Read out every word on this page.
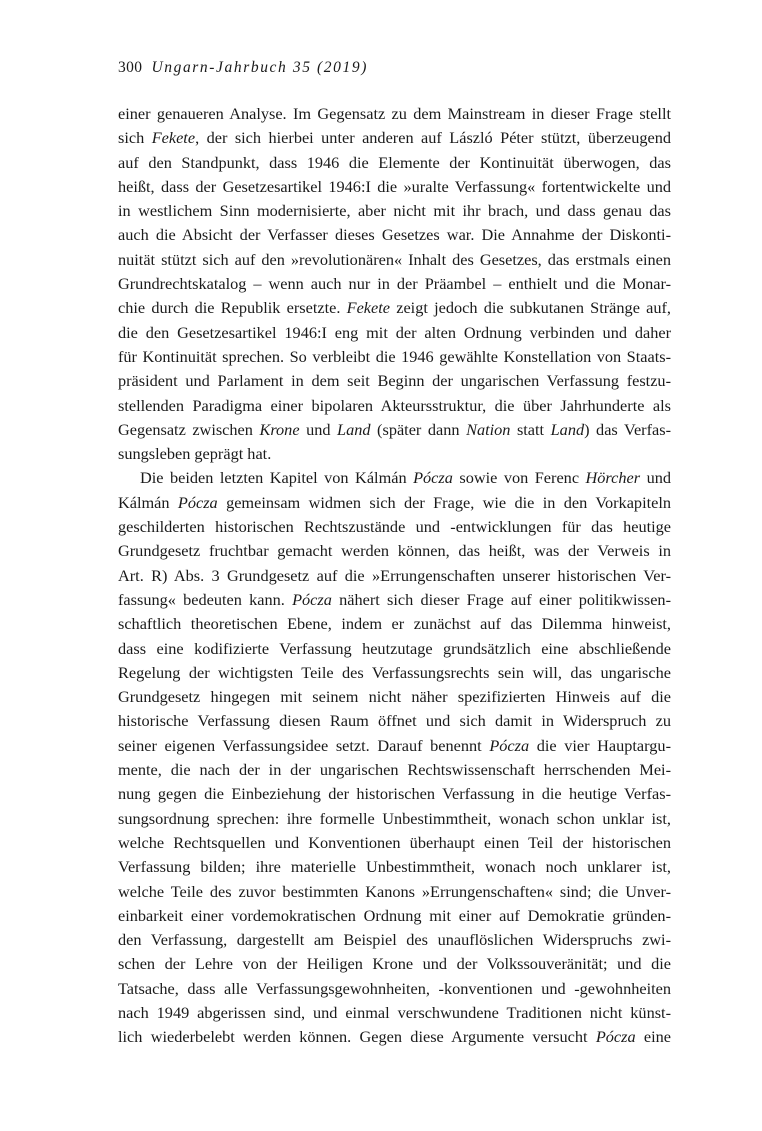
300 Ungarn-Jahrbuch 35 (2019)
einer genaueren Analyse. Im Gegensatz zu dem Mainstream in dieser Frage stellt
sich Fekete, der sich hierbei unter anderen auf László Péter stützt, überzeugend
auf den Standpunkt, dass 1946 die Elemente der Kontinuität überwogen, das
heißt, dass der Gesetzesartikel 1946:I die »uralte Verfassung« fortentwickelte und
in westlichem Sinn modernisierte, aber nicht mit ihr brach, und dass genau das
auch die Absicht der Verfasser dieses Gesetzes war. Die Annahme der Diskonti-
nuität stützt sich auf den »revolutionären« Inhalt des Gesetzes, das erstmals einen
Grundrechtskatalog – wenn auch nur in der Präambel – enthielt und die Monar-
chie durch die Republik ersetzte. Fekete zeigt jedoch die subkutanen Stränge auf,
die den Gesetzesartikel 1946:I eng mit der alten Ordnung verbinden und daher
für Kontinuität sprechen. So verbleibt die 1946 gewählte Konstellation von Staats-
präsident und Parlament in dem seit Beginn der ungarischen Verfassung festzu-
stellenden Paradigma einer bipolaren Akteursstruktur, die über Jahrhunderte als
Gegensatz zwischen Krone und Land (später dann Nation statt Land) das Verfas-
sungsleben geprägt hat.
Die beiden letzten Kapitel von Kálmán Pócza sowie von Ferenc Hörcher und
Kálmán Pócza gemeinsam widmen sich der Frage, wie die in den Vorkapiteln
geschilderten historischen Rechtszustände und -entwicklungen für das heutige
Grundgesetz fruchtbar gemacht werden können, das heißt, was der Verweis in
Art. R) Abs. 3 Grundgesetz auf die »Errungenschaften unserer historischen Ver-
fassung« bedeuten kann. Pócza nähert sich dieser Frage auf einer politikwissen-
schaftlich theoretischen Ebene, indem er zunächst auf das Dilemma hinweist,
dass eine kodifizierte Verfassung heutzutage grundsätzlich eine abschließende
Regelung der wichtigsten Teile des Verfassungsrechts sein will, das ungarische
Grundgesetz hingegen mit seinem nicht näher spezifizierten Hinweis auf die
historische Verfassung diesen Raum öffnet und sich damit in Widerspruch zu
seiner eigenen Verfassungsidee setzt. Darauf benennt Pócza die vier Hauptargu-
mente, die nach der in der ungarischen Rechtswissenschaft herrschenden Mei-
nung gegen die Einbeziehung der historischen Verfassung in die heutige Verfas-
sungsordnung sprechen: ihre formelle Unbestimmtheit, wonach schon unklar ist,
welche Rechtsquellen und Konventionen überhaupt einen Teil der historischen
Verfassung bilden; ihre materielle Unbestimmtheit, wonach noch unklarer ist,
welche Teile des zuvor bestimmten Kanons »Errungenschaften« sind; die Unver-
einbarkeit einer vordemokratischen Ordnung mit einer auf Demokratie gründen-
den Verfassung, dargestellt am Beispiel des unauflöslichen Widerspruchs zwi-
schen der Lehre von der Heiligen Krone und der Volkssouveränität; und die
Tatsache, dass alle Verfassungsgewohnheiten, -konventionen und -gewohnheiten
nach 1949 abgerissen sind, und einmal verschwundene Traditionen nicht künst-
lich wiederbelebt werden können. Gegen diese Argumente versucht Pócza eine
